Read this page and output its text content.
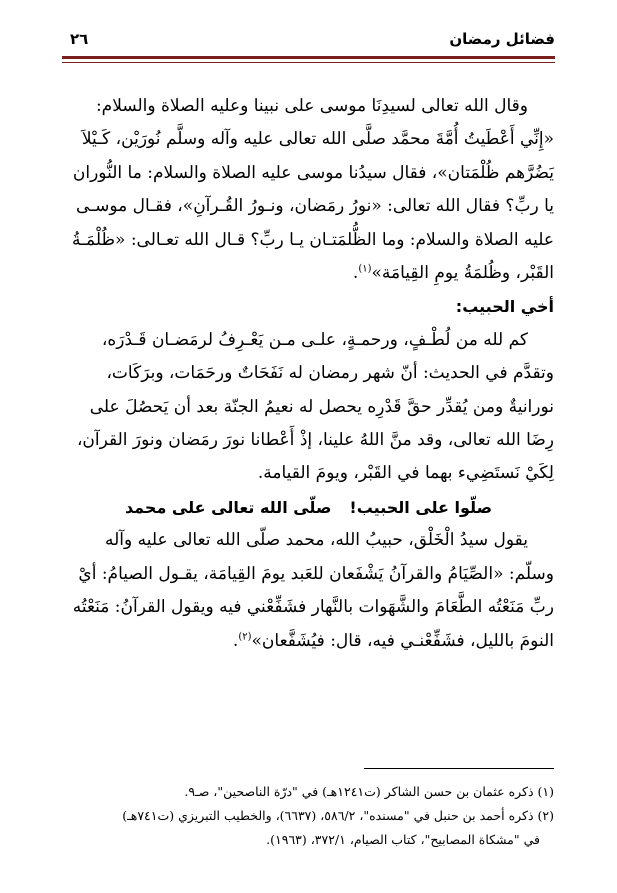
فضائل رمضان
٢٦

وقال الله تعالى لسيدِنَا موسى على نبينا وعليه الصلاة والسلام:

«إِنِّي أَعْطَيتُ أُمَّةَ محمَّد صلَّى الله تعالى عليه وآله وسلَّم نُورَيْن، كَـيْلاَ

يَضُرَّهم ظُلْمَتان»، فقال سيدُنا موسى عليه الصلاة والسلام: ما النُّوران

يا ربِّ؟ فقال الله تعالى: «نورُ رمَضان، ونـورُ القُـرآنِ»، فقـال موسـى

عليه الصلاة والسلام: وما الظُّلمَتـان يـا ربِّ؟ قـال الله تعـالى: «ظُلْمَـةُ

القَبْر، وظُلمَةُ يومِ القِيامَة»$^{(١)}$.

أخي الحبيب:

كم لله من لُطْـفٍ، ورحمـةٍ، علـى مـن يَعْـرِفُ لرمَضـان قَـدْرَه،

وتقدَّم في الحديث: أنّ شهر رمضان له نَفَحَاتٌ ورحَمَات، وبرَكَات،

نورانيةٌ ومن يُقدِّر حقَّ قَدْرِه يحصل له نعيمُ الجنّة بعد أن يَحصُلَ على

رِضَا الله تعالى، وقد منَّ اللهُ علينا، إذْ أَعْطانا نورَ رمَضان ونورَ القرآن،

لِكَيْ نَستَضِيء بهما في القَبْر، ويومَ القيامة.

صلّوا على الحبيب!صلّى الله تعالى على محمد

يقول سيدُ الْخَلْق، حبيبُ الله، محمد صلّى الله تعالى عليه وآله

وسلّم: «الصِّيَامُ والقرآنُ يَشْفَعان للعَبد يومَ القِيامَة، يقـول الصيامُ: أيْ

ربِّ مَنَعْتُه الطَّعَامَ والشَّهَوات بالنَّهار فشَفِّعْني فيه ويقول القرآنُ: مَنَعْتُه

النومَ بالليل، فشَفِّعْنـي فيه، قال: فيُشَفَّعان»$^{(٢)}$.

(١) ذكره عثمان بن حسن الشاكر (ت١٢٤١هـ) في "درّة الناصحين"، صـ٩.

(٢) ذكره أحمد بن حنبل في "مسنده"، ٥٨٦/٢، (٦٦٣٧)، والخطيب التبريزي (ت٧٤١هـ)

في "مشكاة المصابيح"، كتاب الصيام، ٣٧٢/١، (١٩٦٣).
